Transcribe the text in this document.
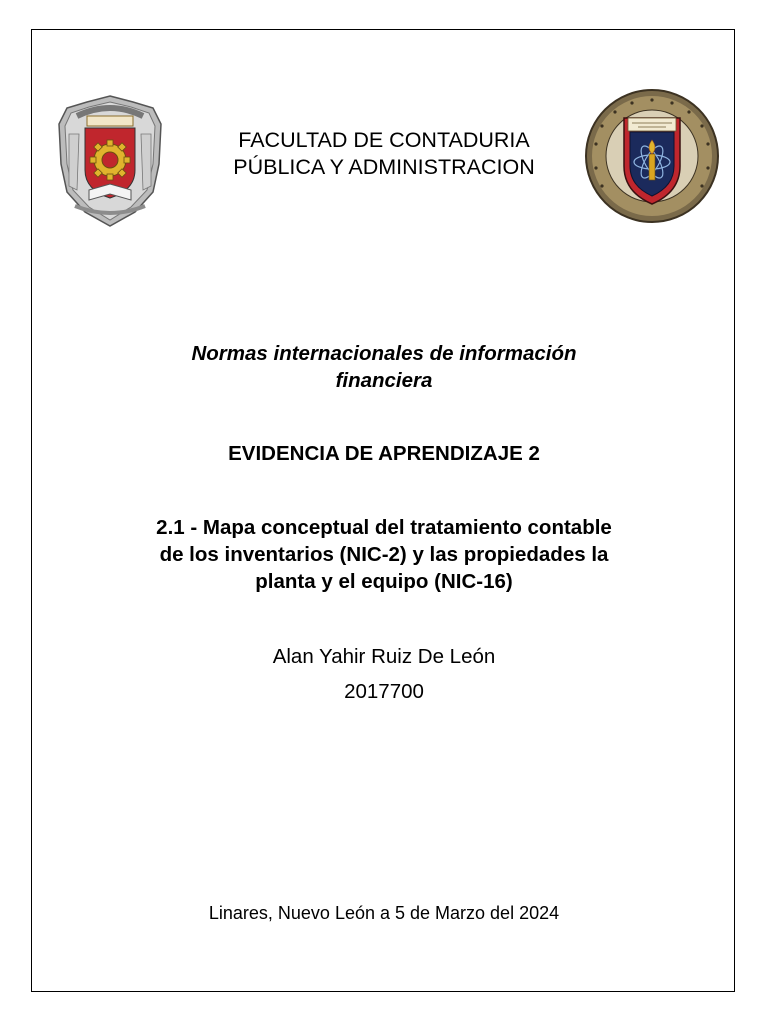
FACULTAD DE CONTADURIA
PÚBLICA Y ADMINISTRACION
Normas internacionales de información
financiera
EVIDENCIA DE APRENDIZAJE 2
2.1 - Mapa conceptual del tratamiento contable
de los inventarios (NIC-2) y las propiedades la
planta y el equipo (NIC-16)
Alan Yahir Ruiz De León
2017700
Linares, Nuevo León a 5 de Marzo del 2024
